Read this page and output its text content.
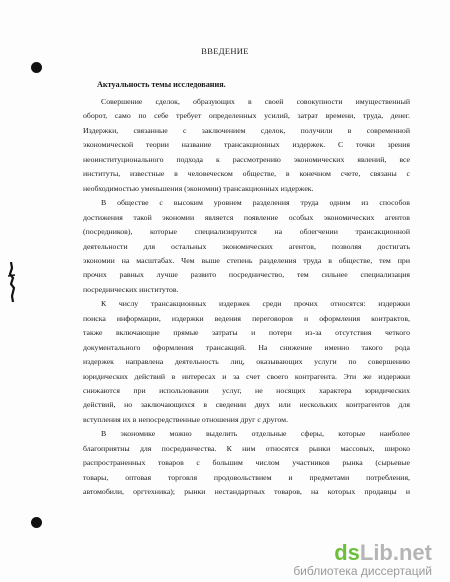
ВВЕДЕНИЕ
Актуальность темы исследования.
Совершение сделок, образующих в своей совокупности имущественный
оборот, само по себе требует определенных усилий, затрат времени, труда, денег.
Издержки, связанные с заключением сделок, получили в современной
экономической теории название трансакционных издержек. С точки зрения
неоинституционального подхода к рассмотрению экономических явлений, все
институты, известные в человеческом обществе, в конечном счете, связаны с
необходимостью уменьшения (экономии) трансакционных издержек.
В обществе с высоким уровнем разделения труда одним из способов
достижения такой экономии является появление особых экономических агентов
(посредников), которые специализируются на облегчении трансакционной
деятельности для остальных экономических агентов, позволяя достигать
экономии на масштабах. Чем выше степень разделения труда в обществе, тем при
прочих равных лучше развито посредничество, тем сильнее специализация
посреднических институтов.
К числу трансакционных издержек среди прочих относятся: издержки
поиска информации, издержки ведения переговоров и оформления контрактов,
также включающие прямые затраты и потери из-за отсутствия четкого
документального оформления трансакций. На снижение именно такого рода
издержек направлена деятельность лиц, оказывающих услуги по совершению
юридических действий в интересах и за счет своего контрагента. Эти же издержки
снижаются при использовании услуг, не носящих характера юридических
действий, но заключающихся в сведении двух или нескольких контрагентов для
вступления их в непосредственные отношения друг с другом.
В экономике можно выделить отдельные сферы, которые наиболее
благоприятны для посредничества. К ним относятся рынки массовых, широко
распространенных товаров с большим числом участников рынка (сырьевые
товары, оптовая торговля продовольствием и предметами потребления,
автомобили, оргтехника); рынки нестандартных товаров, на которых продавцы и
dsLib.net
библиотека диссертаций
